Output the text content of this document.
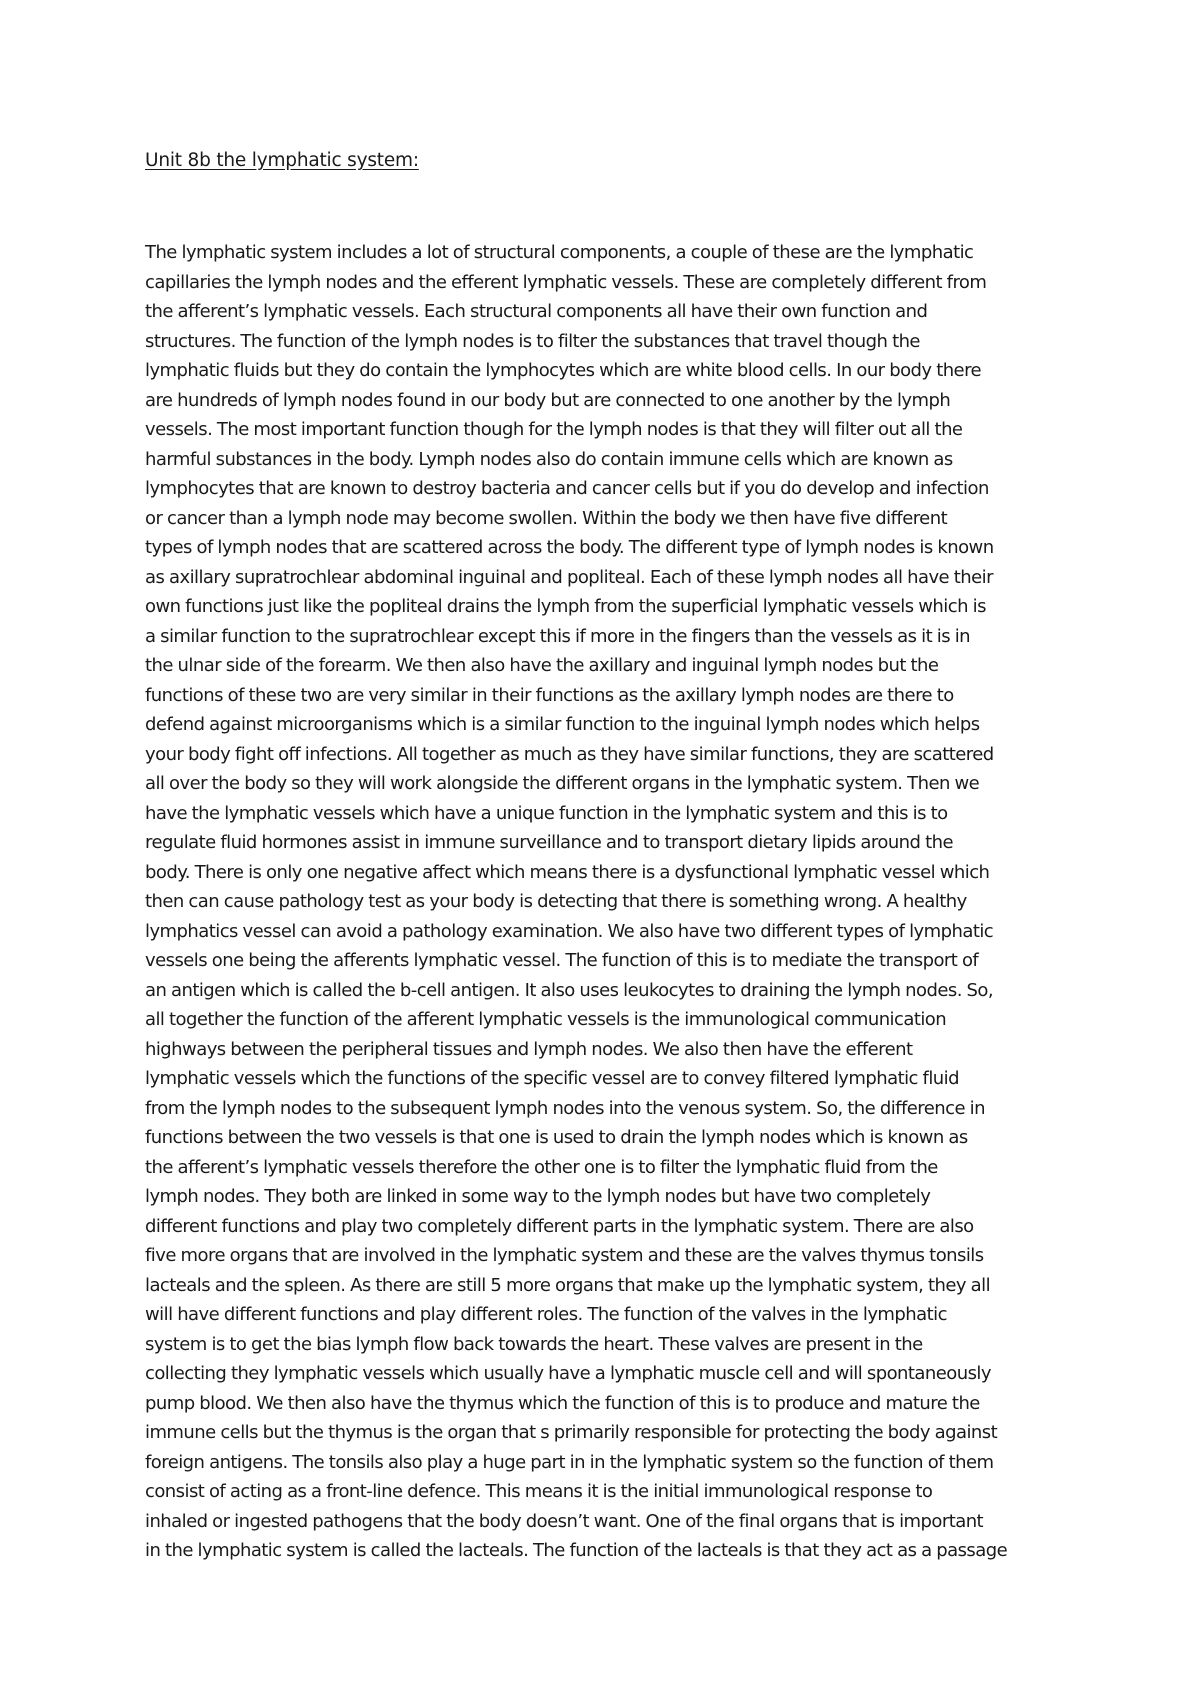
Unit 8b the lymphatic system:
The lymphatic system includes a lot of structural components, a couple of these are the lymphatic
capillaries the lymph nodes and the efferent lymphatic vessels. These are completely different from
the afferent’s lymphatic vessels. Each structural components all have their own function and
structures. The function of the lymph nodes is to filter the substances that travel though the
lymphatic fluids but they do contain the lymphocytes which are white blood cells. In our body there
are hundreds of lymph nodes found in our body but are connected to one another by the lymph
vessels. The most important function though for the lymph nodes is that they will filter out all the
harmful substances in the body. Lymph nodes also do contain immune cells which are known as
lymphocytes that are known to destroy bacteria and cancer cells but if you do develop and infection
or cancer than a lymph node may become swollen. Within the body we then have five different
types of lymph nodes that are scattered across the body. The different type of lymph nodes is known
as axillary supratrochlear abdominal inguinal and popliteal. Each of these lymph nodes all have their
own functions just like the popliteal drains the lymph from the superficial lymphatic vessels which is
a similar function to the supratrochlear except this if more in the fingers than the vessels as it is in
the ulnar side of the forearm. We then also have the axillary and inguinal lymph nodes but the
functions of these two are very similar in their functions as the axillary lymph nodes are there to
defend against microorganisms which is a similar function to the inguinal lymph nodes which helps
your body fight off infections. All together as much as they have similar functions, they are scattered
all over the body so they will work alongside the different organs in the lymphatic system. Then we
have the lymphatic vessels which have a unique function in the lymphatic system and this is to
regulate fluid hormones assist in immune surveillance and to transport dietary lipids around the
body. There is only one negative affect which means there is a dysfunctional lymphatic vessel which
then can cause pathology test as your body is detecting that there is something wrong. A healthy
lymphatics vessel can avoid a pathology examination. We also have two different types of lymphatic
vessels one being the afferents lymphatic vessel. The function of this is to mediate the transport of
an antigen which is called the b-cell antigen. It also uses leukocytes to draining the lymph nodes. So,
all together the function of the afferent lymphatic vessels is the immunological communication
highways between the peripheral tissues and lymph nodes. We also then have the efferent
lymphatic vessels which the functions of the specific vessel are to convey filtered lymphatic fluid
from the lymph nodes to the subsequent lymph nodes into the venous system. So, the difference in
functions between the two vessels is that one is used to drain the lymph nodes which is known as
the afferent’s lymphatic vessels therefore the other one is to filter the lymphatic fluid from the
lymph nodes. They both are linked in some way to the lymph nodes but have two completely
different functions and play two completely different parts in the lymphatic system. There are also
five more organs that are involved in the lymphatic system and these are the valves thymus tonsils
lacteals and the spleen. As there are still 5 more organs that make up the lymphatic system, they all
will have different functions and play different roles. The function of the valves in the lymphatic
system is to get the bias lymph flow back towards the heart. These valves are present in the
collecting they lymphatic vessels which usually have a lymphatic muscle cell and will spontaneously
pump blood. We then also have the thymus which the function of this is to produce and mature the
immune cells but the thymus is the organ that s primarily responsible for protecting the body against
foreign antigens. The tonsils also play a huge part in in the lymphatic system so the function of them
consist of acting as a front-line defence. This means it is the initial immunological response to
inhaled or ingested pathogens that the body doesn’t want. One of the final organs that is important
in the lymphatic system is called the lacteals. The function of the lacteals is that they act as a passage
